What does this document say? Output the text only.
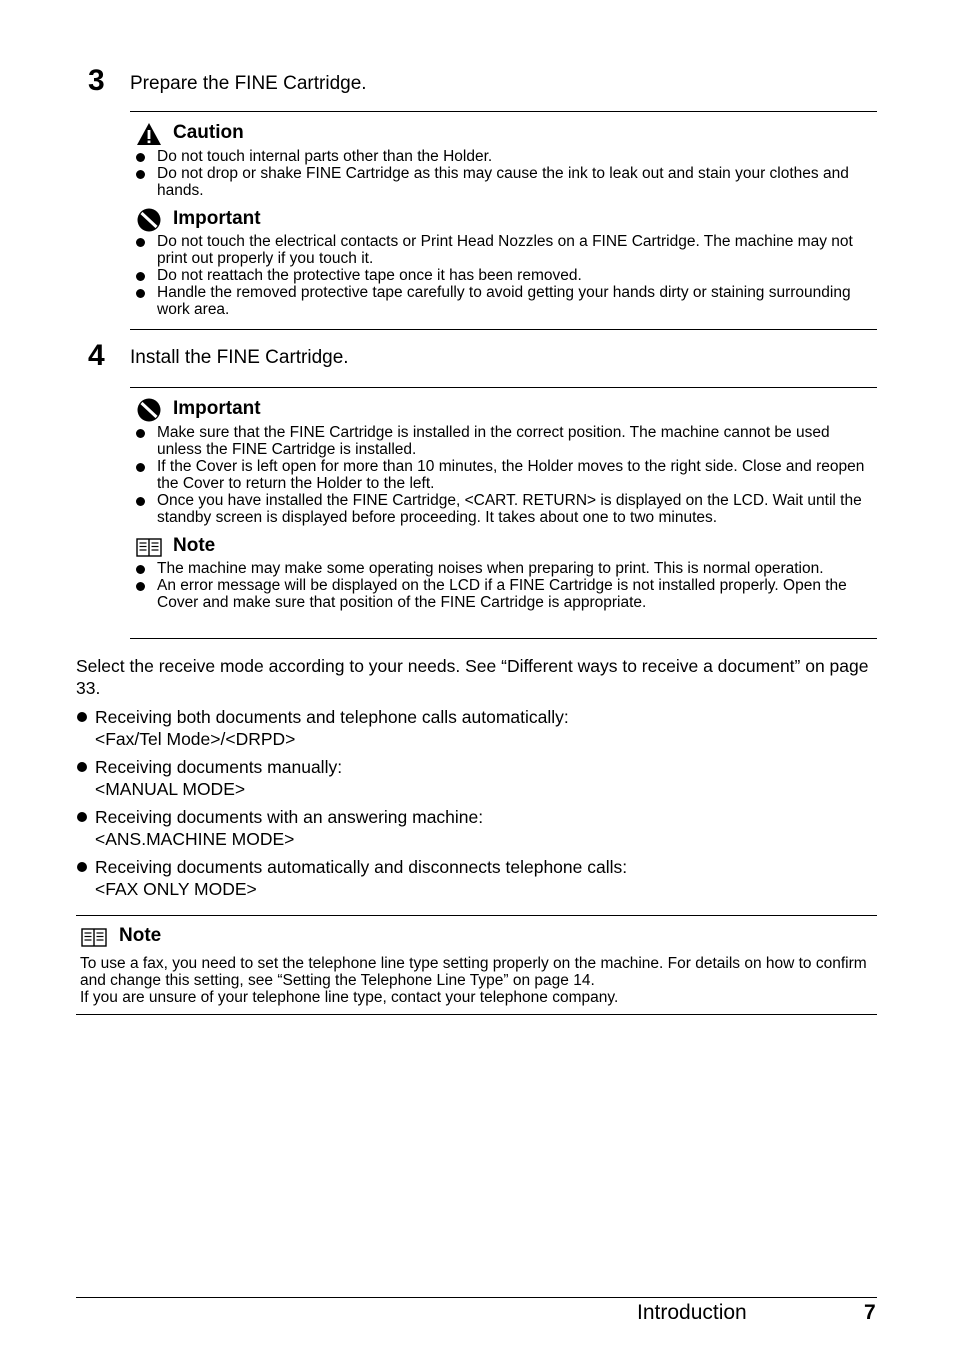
3 Prepare the FINE Cartridge.
Caution
Do not touch internal parts other than the Holder.
Do not drop or shake FINE Cartridge as this may cause the ink to leak out and stain your clothes and hands.
Important
Do not touch the electrical contacts or Print Head Nozzles on a FINE Cartridge. The machine may not print out properly if you touch it.
Do not reattach the protective tape once it has been removed.
Handle the removed protective tape carefully to avoid getting your hands dirty or staining surrounding work area.
4 Install the FINE Cartridge.
Important
Make sure that the FINE Cartridge is installed in the correct position. The machine cannot be used unless the FINE Cartridge is installed.
If the Cover is left open for more than 10 minutes, the Holder moves to the right side. Close and reopen the Cover to return the Holder to the left.
Once you have installed the FINE Cartridge, <CART. RETURN> is displayed on the LCD. Wait until the standby screen is displayed before proceeding. It takes about one to two minutes.
Note
The machine may make some operating noises when preparing to print. This is normal operation.
An error message will be displayed on the LCD if a FINE Cartridge is not installed properly. Open the Cover and make sure that position of the FINE Cartridge is appropriate.
Select the receive mode according to your needs. See “Different ways to receive a document” on page 33.
Receiving both documents and telephone calls automatically:
<Fax/Tel Mode>/<DRPD>
Receiving documents manually:
<MANUAL MODE>
Receiving documents with an answering machine:
<ANS.MACHINE MODE>
Receiving documents automatically and disconnects telephone calls:
<FAX ONLY MODE>
Note

To use a fax, you need to set the telephone line type setting properly on the machine. For details on how to confirm and change this setting, see “Setting the Telephone Line Type” on page 14.
If you are unsure of your telephone line type, contact your telephone company.

Introduction	7
